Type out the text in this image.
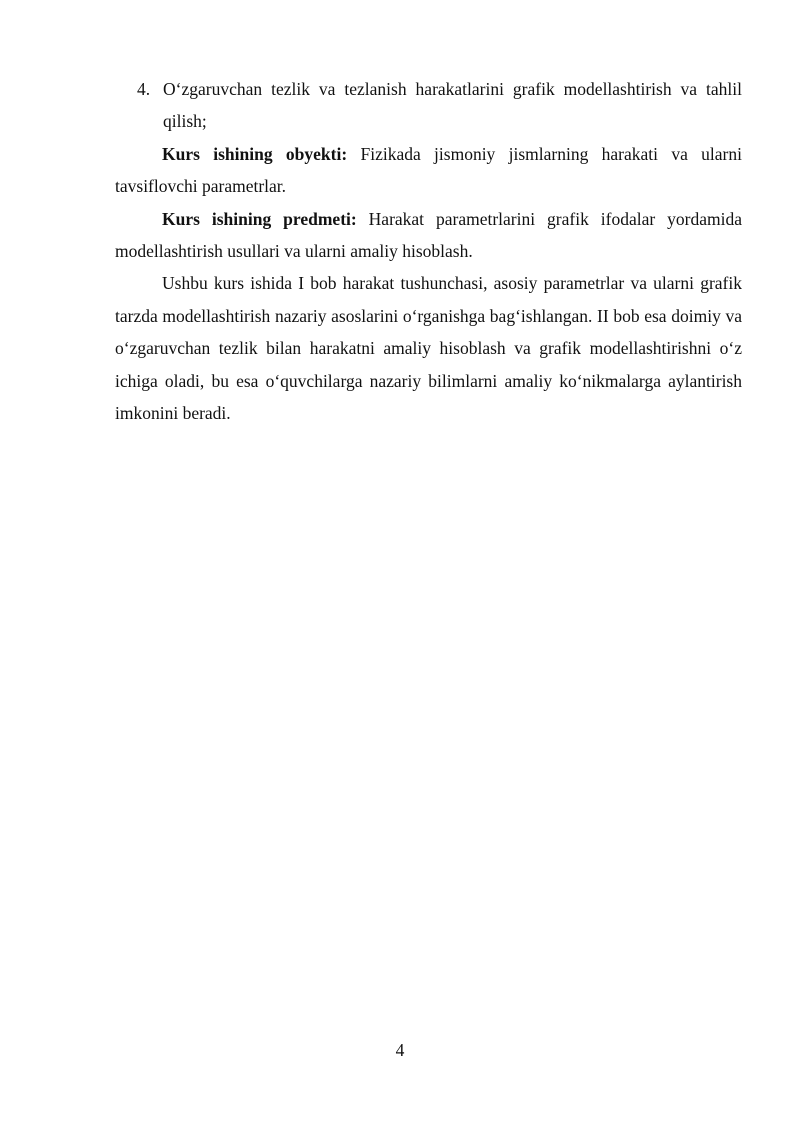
4. O‘zgaruvchan tezlik va tezlanish harakatlarini grafik modellashtirish va tahlil qilish;

Kurs ishining obyekti: Fizikada jismoniy jismlarning harakati va ularni tavsiflovchi parametrlar.

Kurs ishining predmeti: Harakat parametrlarini grafik ifodalar yordamida modellashtirish usullari va ularni amaliy hisoblash.

Ushbu kurs ishida I bob harakat tushunchasi, asosiy parametrlar va ularni grafik tarzda modellashtirish nazariy asoslarini o‘rganishga bag‘ishlangan. II bob esa doimiy va o‘zgaruvchan tezlik bilan harakatni amaliy hisoblash va grafik modellashtirishni o‘z ichiga oladi, bu esa o‘quvchilarga nazariy bilimlarni amaliy ko‘nikmalarga aylantirish imkonini beradi.

4
